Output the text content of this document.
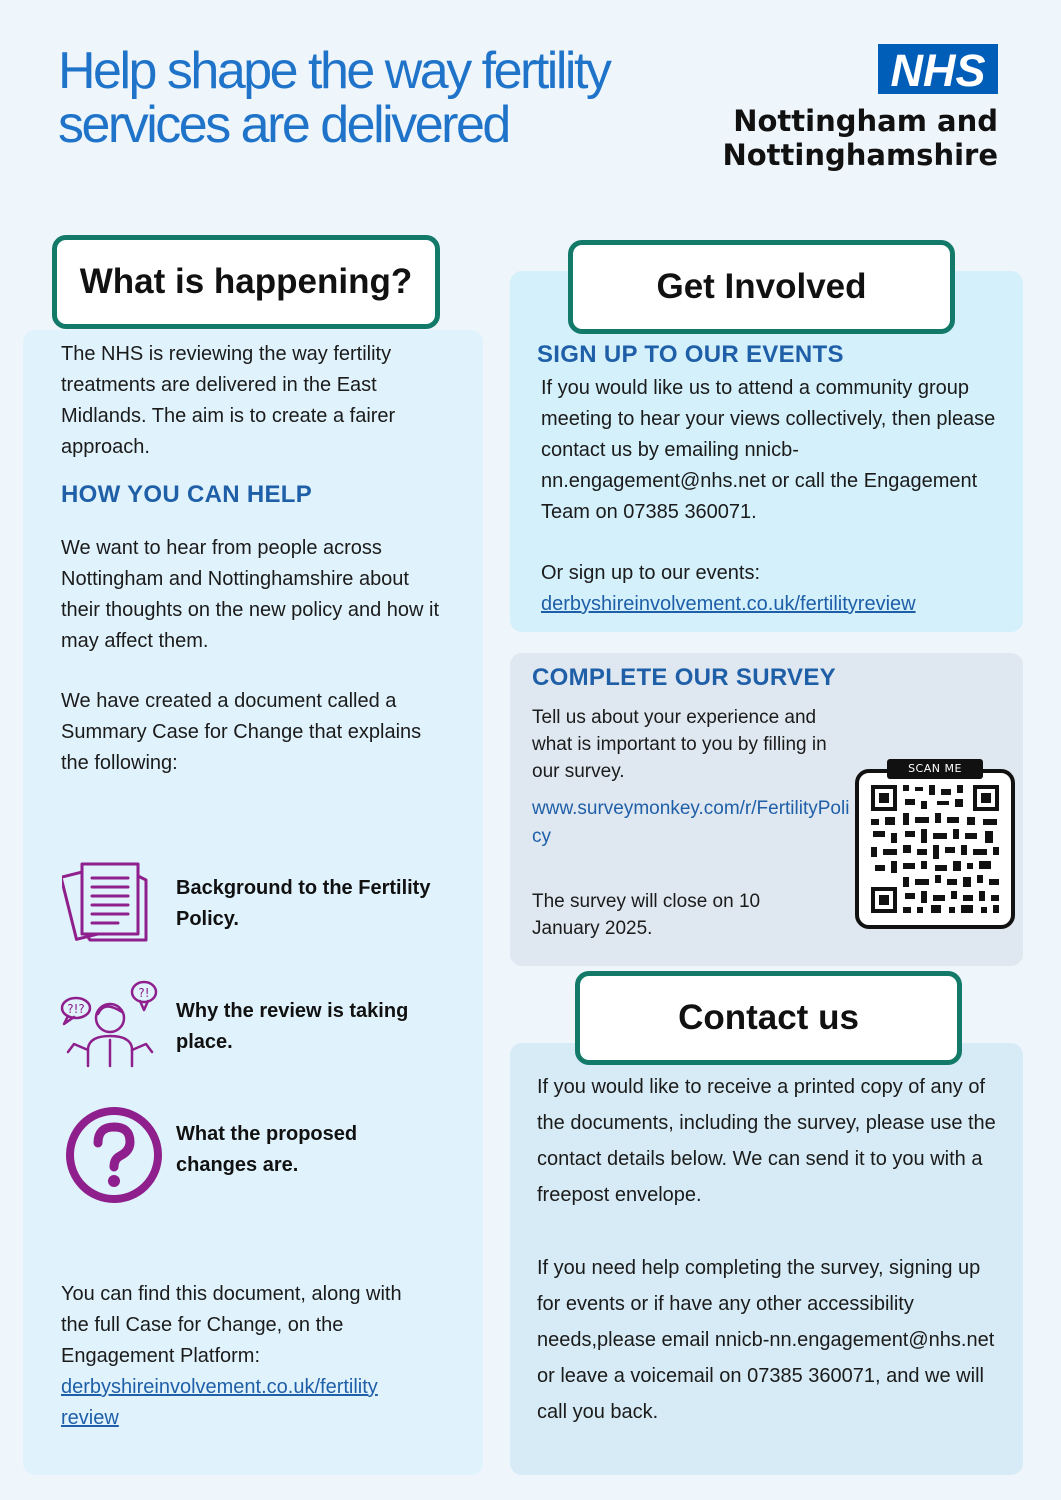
Help shape the way fertility services are delivered
NHS
Nottingham and
Nottinghamshire
What is happening?	Get Involved
Contact us
The NHS is reviewing the way fertility treatments are delivered in the East Midlands. The aim is to create a fairer approach.
HOW YOU CAN HELP
We want to hear from people across Nottingham and Nottinghamshire about their thoughts on the new policy and how it may affect them.
We have created a document called a Summary Case for Change that explains the following:
Background to the Fertility Policy.
?!?
?!
Why the review is taking place.
What the proposed changes are.
You can find this document, along with the full Case for Change, on the Engagement Platform:
derbyshireinvolvement.co.uk/fertility review
SIGN UP TO OUR EVENTS
If you would like us to attend a community group meeting to hear your views collectively, then please contact us by emailing nnicb-nn.engagement@nhs.net or call the Engagement Team on 07385 360071.
Or sign up to our events:
derbyshireinvolvement.co.uk/fertilityreview
COMPLETE OUR SURVEY
Tell us about your experience and what is important to you by filling in our survey.
www.surveymonkey.com/r/FertilityPolicy
The survey will close on 10 January 2025.
SCAN ME
If you would like to receive a printed copy of any of the documents, including the survey, please use the contact details below. We can send it to you with a freepost envelope.
If you need help completing the survey, signing up for events or if have any other accessibility needs,please email nnicb-nn.engagement@nhs.net or leave a voicemail on 07385 360071, and we will call you back.
